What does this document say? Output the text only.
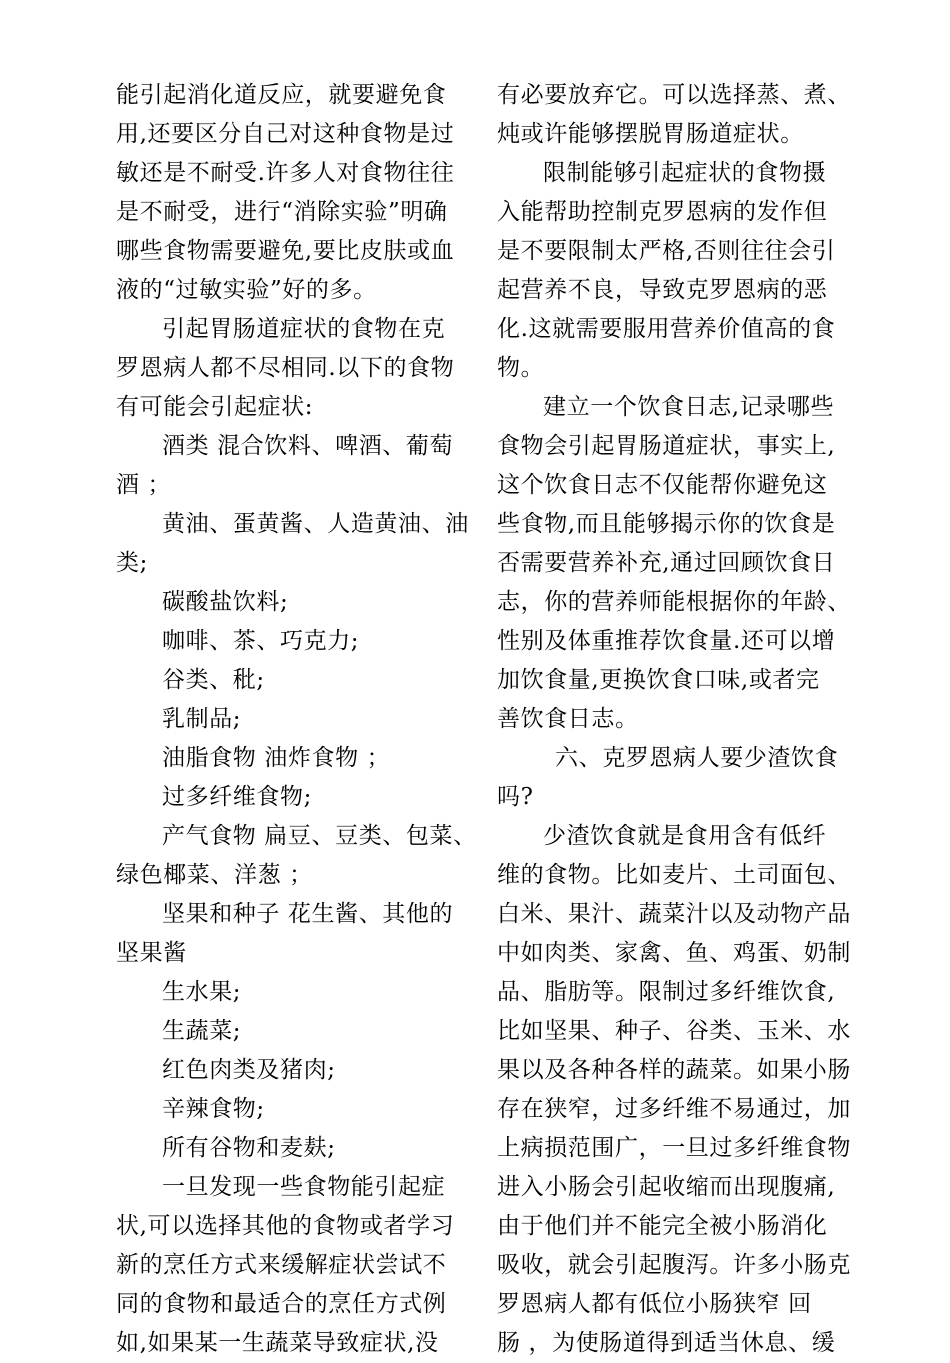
能引起消化道反应，就要避免食
用,还要区分自己对这种食物是过
敏还是不耐受.许多人对食物往往
是不耐受，进行“消除实验”明确
哪些食物需要避免,要比皮肤或血
液的“过敏实验”好的多。
引起胃肠道症状的食物在克
罗恩病人都不尽相同.以下的食物
有可能会引起症状:
酒类 混合饮料、啤酒、葡萄
酒 ；
黄油、蛋黄酱、人造黄油、油
类;
碳酸盐饮料;
咖啡、茶、巧克力;
谷类、秕;
乳制品;
油脂食物 油炸食物 ；
过多纤维食物;
产气食物 扁豆、豆类、包菜、
绿色椰菜、洋葱 ；
坚果和种子 花生酱、其他的
坚果酱
生水果;
生蔬菜;
红色肉类及猪肉;
辛辣食物;
所有谷物和麦麸;
一旦发现一些食物能引起症
状,可以选择其他的食物或者学习
新的烹任方式来缓解症状尝试不
同的食物和最适合的烹任方式例
如,如果某一生蔬菜导致症状,没
有必要放弃它。可以选择蒸、煮、
炖或许能够摆脱胃肠道症状。
限制能够引起症状的食物摄
入能帮助控制克罗恩病的发作但
是不要限制太严格,否则往往会引
起营养不良，导致克罗恩病的恶
化.这就需要服用营养价值高的食
物。
建立一个饮食日志,记录哪些
食物会引起胃肠道症状，事实上,
这个饮食日志不仅能帮你避免这
些食物,而且能够揭示你的饮食是
否需要营养补充,通过回顾饮食日
志，你的营养师能根据你的年龄、
性别及体重推荐饮食量.还可以增
加饮食量,更换饮食口味,或者完
善饮食日志。
六、克罗恩病人要少渣饮食
吗?
少渣饮食就是食用含有低纤
维的食物。比如麦片、土司面包、
白米、果汁、蔬菜汁以及动物产品
中如肉类、家禽、鱼、鸡蛋、奶制
品、脂肪等。限制过多纤维饮食,
比如坚果、种子、谷类、玉米、水
果以及各种各样的蔬菜。如果小肠
存在狭窄，过多纤维不易通过，加
上病损范围广，一旦过多纤维食物
进入小肠会引起收缩而出现腹痛,
由于他们并不能完全被小肠消化
吸收，就会引起腹泻。许多小肠克
罗恩病人都有低位小肠狭窄 回
肠 ，为使肠道得到适当休息、缓
